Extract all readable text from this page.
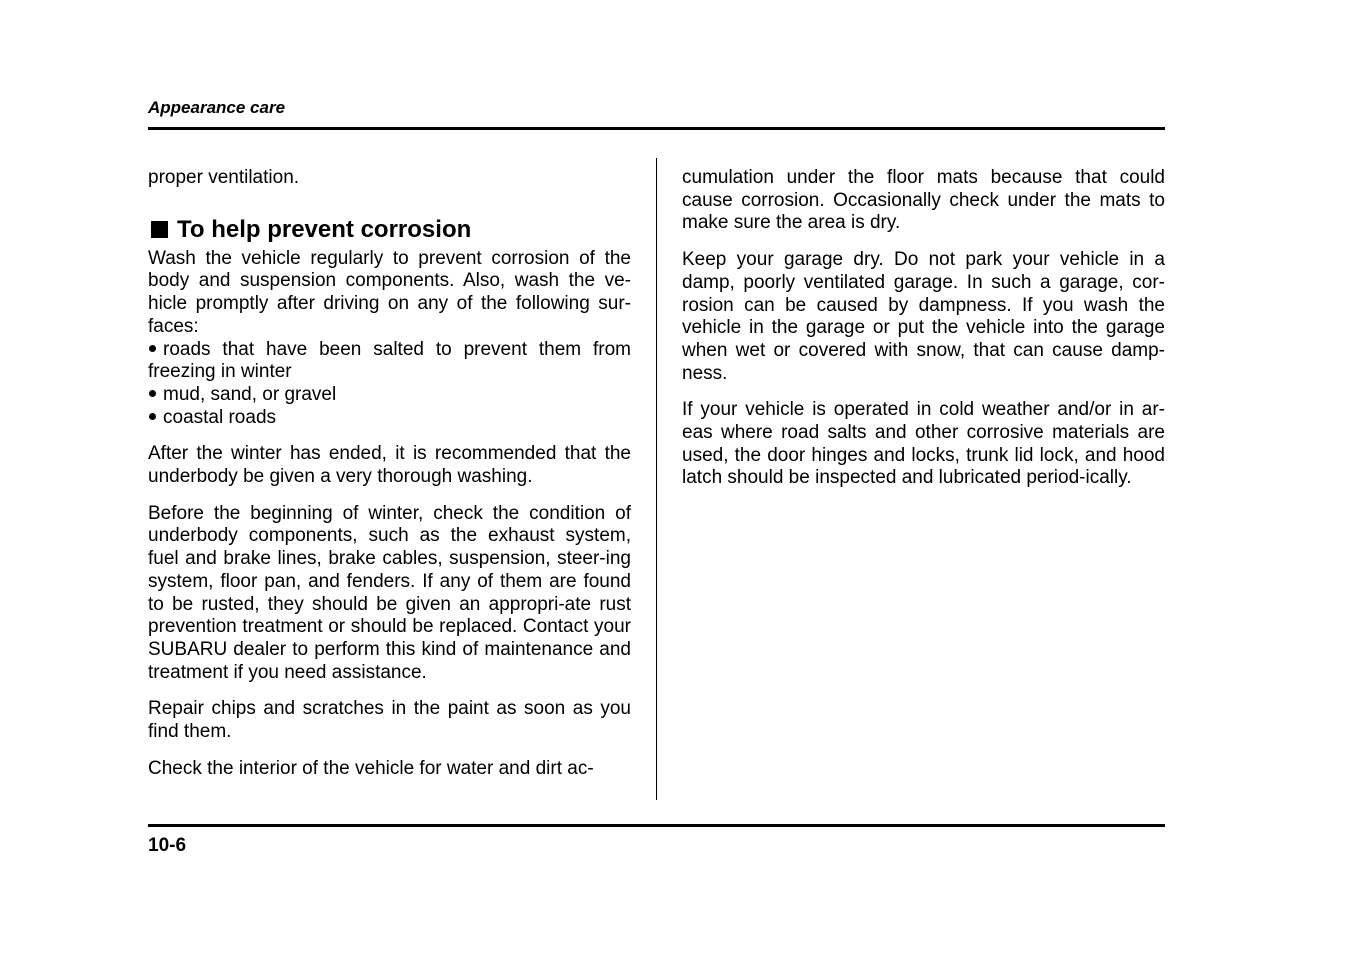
Appearance care

proper ventilation.

To help prevent corrosion

Wash the vehicle regularly to prevent corrosion of the body and suspension components. Also, wash the ve-hicle promptly after driving on any of the following sur-faces:

roads that have been salted to prevent them from freezing in winter
mud, sand, or gravel
coastal roads

After the winter has ended, it is recommended that the underbody be given a very thorough washing.

Before the beginning of winter, check the condition of underbody components, such as the exhaust system, fuel and brake lines, brake cables, suspension, steer-ing system, floor pan, and fenders. If any of them are found to be rusted, they should be given an appropri-ate rust prevention treatment or should be replaced. Contact your SUBARU dealer to perform this kind of maintenance and treatment if you need assistance.

Repair chips and scratches in the paint as soon as you find them.

Check the interior of the vehicle for water and dirt ac-

cumulation under the floor mats because that could cause corrosion. Occasionally check under the mats to make sure the area is dry.

Keep your garage dry. Do not park your vehicle in a damp, poorly ventilated garage. In such a garage, cor-rosion can be caused by dampness. If you wash the vehicle in the garage or put the vehicle into the garage when wet or covered with snow, that can cause damp-ness.

If your vehicle is operated in cold weather and/or in ar-eas where road salts and other corrosive materials are used, the door hinges and locks, trunk lid lock, and hood latch should be inspected and lubricated period-ically.

10-6
